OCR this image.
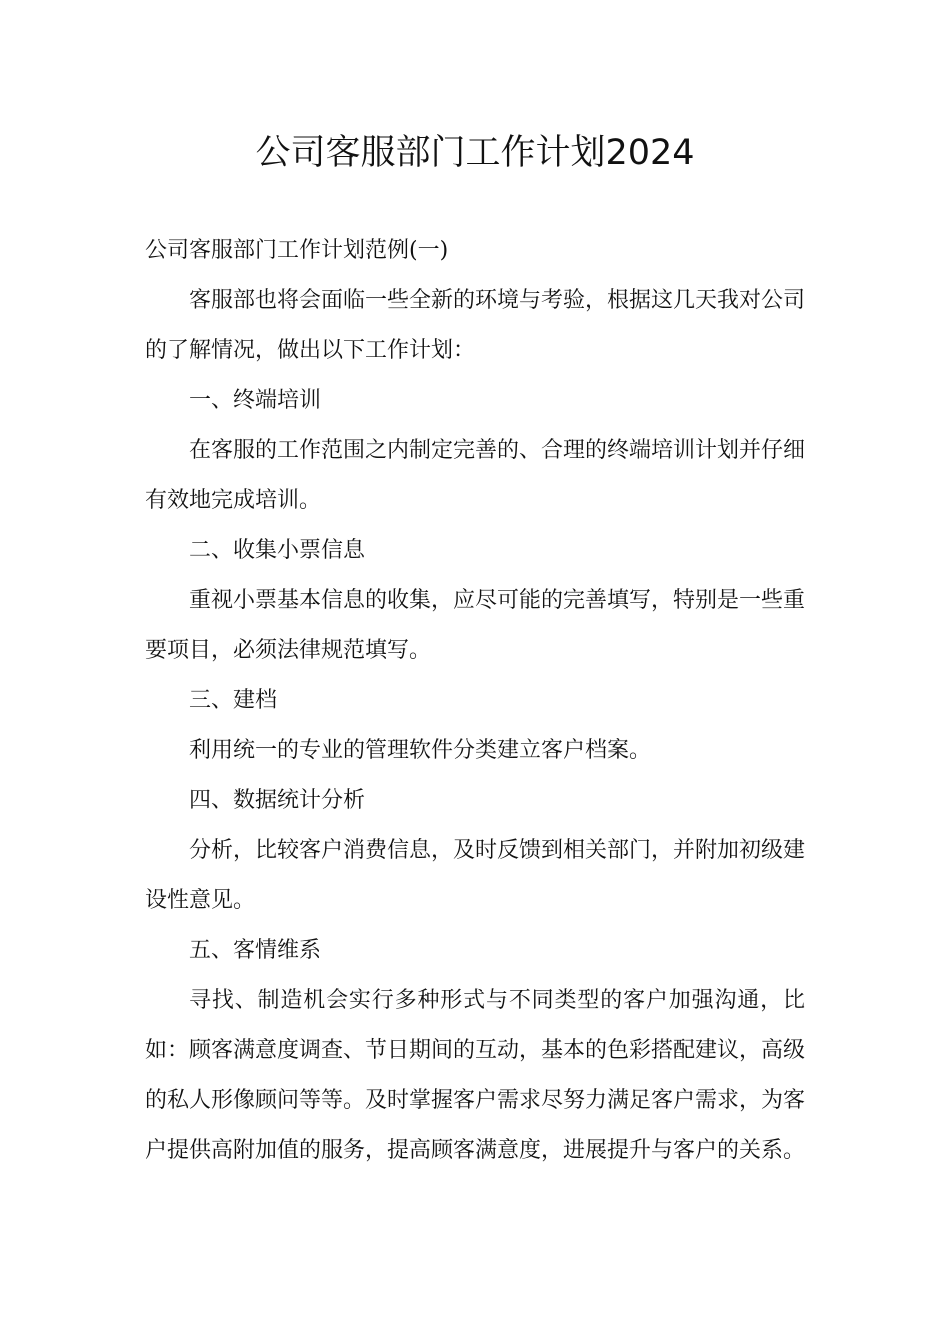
公司客服部门工作计划2024

公司客服部门工作计划范例(一)

客服部也将会面临一些全新的环境与考验，根据这几天我对公司的了解情况，做出以下工作计划：

一、终端培训

在客服的工作范围之内制定完善的、合理的终端培训计划并仔细有效地完成培训。

二、收集小票信息

重视小票基本信息的收集，应尽可能的完善填写，特别是一些重要项目，必须法律规范填写。

三、建档

利用统一的专业的管理软件分类建立客户档案。

四、数据统计分析

分析，比较客户消费信息，及时反馈到相关部门，并附加初级建设性意见。

五、客情维系

寻找、制造机会实行多种形式与不同类型的客户加强沟通，比如：顾客满意度调查、节日期间的互动，基本的色彩搭配建议，高级的私人形像顾问等等。及时掌握客户需求尽努力满足客户需求，为客户提供高附加值的服务，提高顾客满意度，进展提升与客户的关系。
